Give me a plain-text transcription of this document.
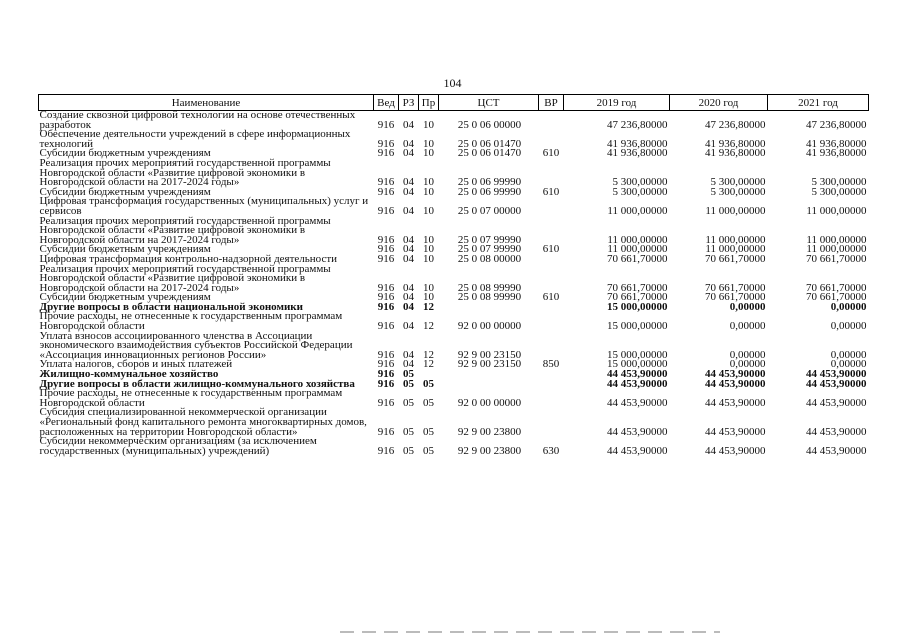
104
Наименование	Вед	РЗ	Пр	ЦСТ	ВР	2019 год	2020 год	2021 год
Создание сквозной цифровой технологии на основе отечественных разработок	916	04	10	25 0 06 00000		47 236,80000	47 236,80000	47 236,80000
Обеспечение деятельности учреждений в сфере информационных технологий	916	04	10	25 0 06 01470		41 936,80000	41 936,80000	41 936,80000
Субсидии бюджетным учреждениям	916	04	10	25 0 06 01470	610	41 936,80000	41 936,80000	41 936,80000
Реализация прочих мероприятий государственной программы Новгородской области «Развитие цифровой экономики в Новгородской области на 2017-2024 годы»	916	04	10	25 0 06 99990		5 300,00000	5 300,00000	5 300,00000
Субсидии бюджетным учреждениям	916	04	10	25 0 06 99990	610	5 300,00000	5 300,00000	5 300,00000
Цифровая трансформация государственных (муниципальных) услуг и сервисов	916	04	10	25 0 07 00000		11 000,00000	11 000,00000	11 000,00000
Реализация прочих мероприятий государственной программы Новгородской области «Развитие цифровой экономики в Новгородской области на 2017-2024 годы»	916	04	10	25 0 07 99990		11 000,00000	11 000,00000	11 000,00000
Субсидии бюджетным учреждениям	916	04	10	25 0 07 99990	610	11 000,00000	11 000,00000	11 000,00000
Цифровая трансформация контрольно-надзорной деятельности	916	04	10	25 0 08 00000		70 661,70000	70 661,70000	70 661,70000
Реализация прочих мероприятий государственной программы Новгородской области «Развитие цифровой экономики в Новгородской области на 2017-2024 годы»	916	04	10	25 0 08 99990		70 661,70000	70 661,70000	70 661,70000
Субсидии бюджетным учреждениям	916	04	10	25 0 08 99990	610	70 661,70000	70 661,70000	70 661,70000
Другие вопросы в области национальной экономики	916	04	12			15 000,00000	0,00000	0,00000
Прочие расходы, не отнесенные к государственным программам Новгородской области	916	04	12	92 0 00 00000		15 000,00000	0,00000	0,00000
Уплата взносов ассоциированного членства в Ассоциации экономического взаимодействия субъектов Российской Федерации «Ассоциация инновационных регионов России»	916	04	12	92 9 00 23150		15 000,00000	0,00000	0,00000
Уплата налогов, сборов и иных платежей	916	04	12	92 9 00 23150	850	15 000,00000	0,00000	0,00000
Жилищно-коммунальное хозяйство	916	05				44 453,90000	44 453,90000	44 453,90000
Другие вопросы в области жилищно-коммунального хозяйства	916	05	05			44 453,90000	44 453,90000	44 453,90000
Прочие расходы, не отнесенные к государственным программам Новгородской области	916	05	05	92 0 00 00000		44 453,90000	44 453,90000	44 453,90000
Субсидия специализированной некоммерческой организации «Региональный фонд капитального ремонта многоквартирных домов, расположенных на территории Новгородской области»	916	05	05	92 9 00 23800		44 453,90000	44 453,90000	44 453,90000
Субсидии некоммерческим организациям (за исключением государственных (муниципальных) учреждений)	916	05	05	92 9 00 23800	630	44 453,90000	44 453,90000	44 453,90000
